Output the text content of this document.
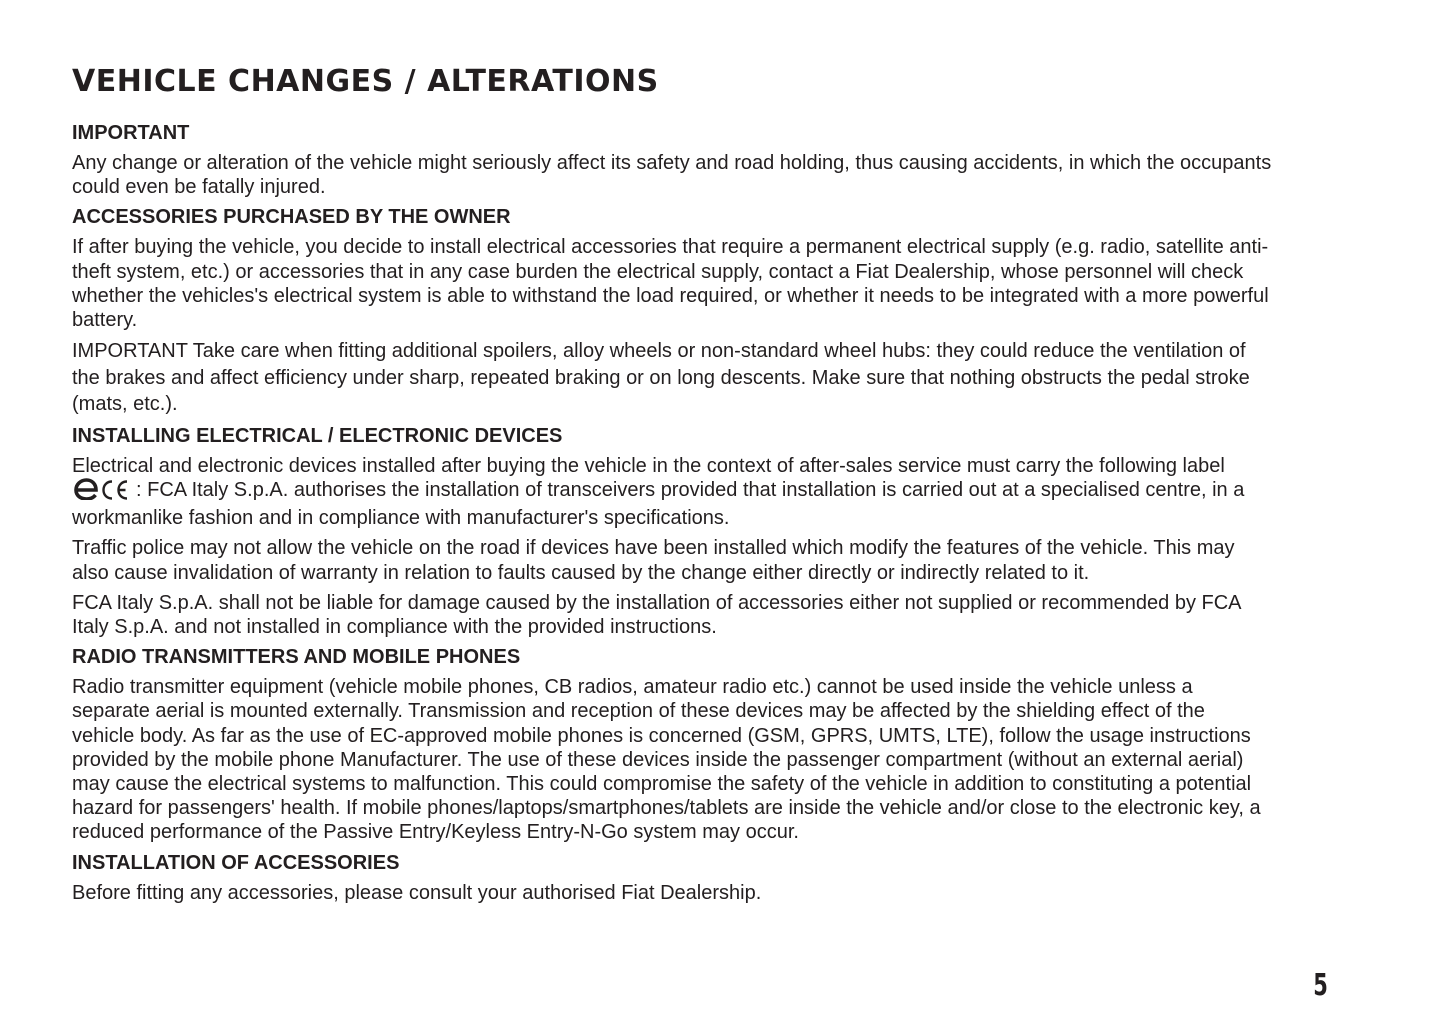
VEHICLE CHANGES / ALTERATIONS
IMPORTANT

Any change or alteration of the vehicle might seriously affect its safety and road holding, thus causing accidents, in which the occupants could even be fatally injured.

ACCESSORIES PURCHASED BY THE OWNER

If after buying the vehicle, you decide to install electrical accessories that require a permanent electrical supply (e.g. radio, satellite anti-theft system, etc.) or accessories that in any case burden the electrical supply, contact a Fiat Dealership, whose personnel will check whether the vehicles's electrical system is able to withstand the load required, or whether it needs to be integrated with a more powerful battery.

IMPORTANT Take care when fitting additional spoilers, alloy wheels or non-standard wheel hubs: they could reduce the ventilation of the brakes and affect efficiency under sharp, repeated braking or on long descents. Make sure that nothing obstructs the pedal stroke (mats, etc.).

INSTALLING ELECTRICAL / ELECTRONIC DEVICES

Electrical and electronic devices installed after buying the vehicle in the context of after-sales service must carry the following label : FCA Italy S.p.A. authorises the installation of transceivers provided that installation is carried out at a specialised centre, in a workmanlike fashion and in compliance with manufacturer's specifications.

Traffic police may not allow the vehicle on the road if devices have been installed which modify the features of the vehicle. This may also cause invalidation of warranty in relation to faults caused by the change either directly or indirectly related to it.

FCA Italy S.p.A. shall not be liable for damage caused by the installation of accessories either not supplied or recommended by FCA Italy S.p.A. and not installed in compliance with the provided instructions.

RADIO TRANSMITTERS AND MOBILE PHONES

Radio transmitter equipment (vehicle mobile phones, CB radios, amateur radio etc.) cannot be used inside the vehicle unless a separate aerial is mounted externally. Transmission and reception of these devices may be affected by the shielding effect of the vehicle body. As far as the use of EC-approved mobile phones is concerned (GSM, GPRS, UMTS, LTE), follow the usage instructions provided by the mobile phone Manufacturer. The use of these devices inside the passenger compartment (without an external aerial) may cause the electrical systems to malfunction. This could compromise the safety of the vehicle in addition to constituting a potential hazard for passengers' health. If mobile phones/laptops/smartphones/tablets are inside the vehicle and/or close to the electronic key, a reduced performance of the Passive Entry/Keyless Entry-N-Go system may occur.

INSTALLATION OF ACCESSORIES

Before fitting any accessories, please consult your authorised Fiat Dealership.

5
